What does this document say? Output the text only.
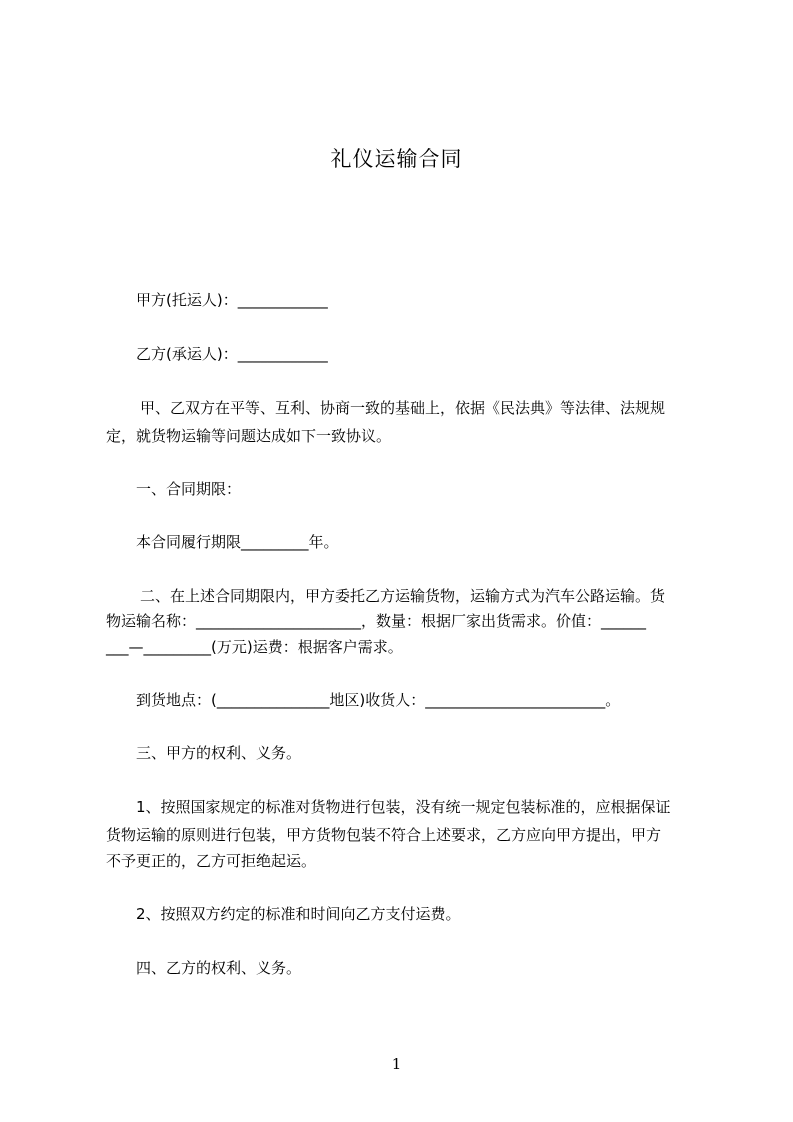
礼仪运输合同
甲方(托运人)：____________
乙方(承运人)：____________
甲、乙双方在平等、互利、协商一致的基础上，依据《民法典》等法律、法规规
定，就货物运输等问题达成如下一致协议。
一、合同期限：
本合同履行期限_________年。
二、在上述合同期限内，甲方委托乙方运输货物，运输方式为汽车公路运输。货
物运输名称：______________________，数量：根据厂家出货需求。价值：______
___—_________(万元)运费：根据客户需求。
到货地点：(_______________地区)收货人：________________________。
三、甲方的权利、义务。
1、按照国家规定的标准对货物进行包装，没有统一规定包装标准的，应根据保证
货物运输的原则进行包装，甲方货物包装不符合上述要求，乙方应向甲方提出，甲方
不予更正的，乙方可拒绝起运。
2、按照双方约定的标准和时间向乙方支付运费。
四、乙方的权利、义务。
1
